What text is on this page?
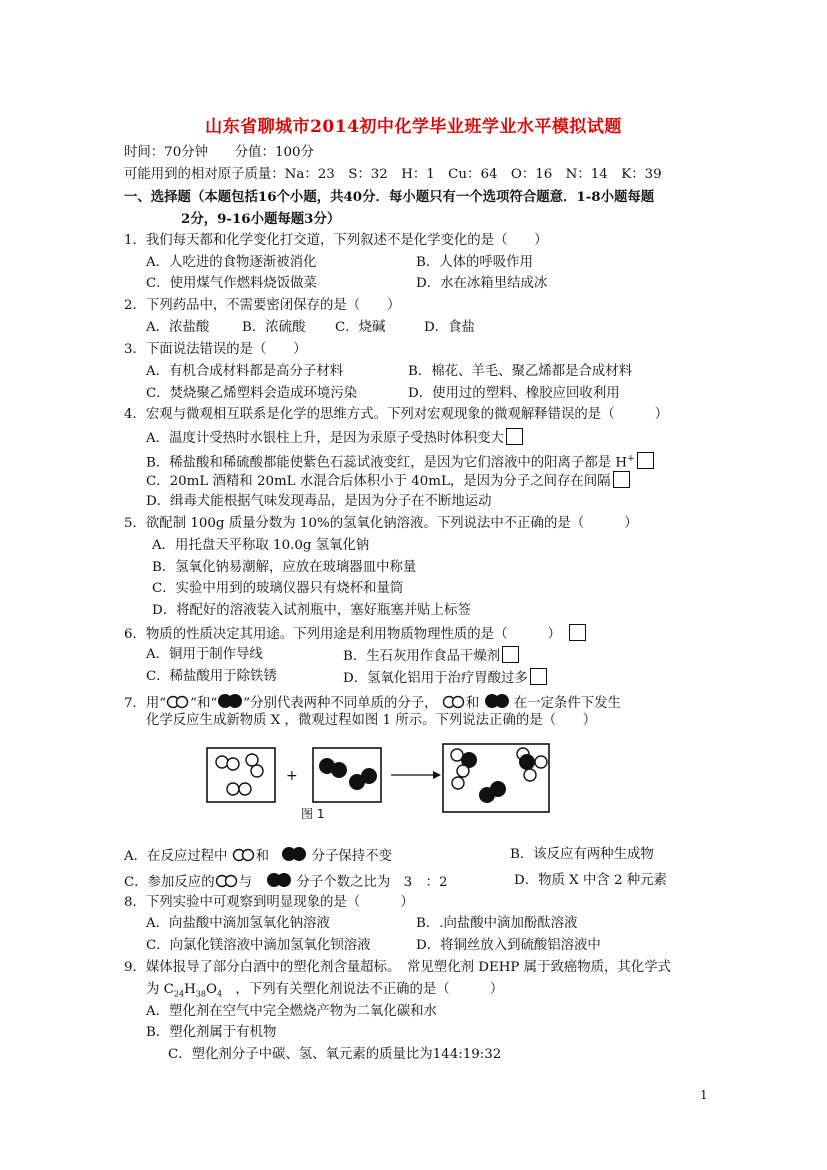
山东省聊城市2014初中化学毕业班学业水平模拟试题
时间：70分钟　　分值：100分
可能用到的相对原子质量：Na：23　S：32　H：1　Cu：64　O：16　N：14　K：39
一、选择题（本题包括16个小题，共40分．每小题只有一个选项符合题意．1-8小题每题
2分，9-16小题每题3分）
1．我们每天都和化学变化打交道，下列叙述不是化学变化的是（　　）
A．人吃进的食物逐渐被消化	B．人体的呼吸作用
C．使用煤气作燃料烧饭做菜	D．水在冰箱里结成冰
2．下列药品中，不需要密闭保存的是（　　）
A．浓盐酸 B．浓硫酸 C．烧碱	D．食盐
3．下面说法错误的是（　　）
A．有机合成材料都是高分子材料	B．棉花、羊毛、聚乙烯都是合成材料
C．焚烧聚乙烯塑料会造成环境污染	D．使用过的塑料、橡胶应回收利用
4．宏观与微观相互联系是化学的思维方式。下列对宏观现象的微观解释错误的是（　　　）
A．温度计受热时水银柱上升，是因为汞原子受热时体积变大
B．稀盐酸和稀硫酸都能使紫色石蕊试液变红，是因为它们溶液中的阳离子都是 H+
C．20mL 酒精和 20mL 水混合后体积小于 40mL，是因为分子之间存在间隔
D．缉毒犬能根据气味发现毒品，是因为分子在不断地运动
5．欲配制 100g 质量分数为 10%的氢氧化钠溶液。下列说法中不正确的是（　　　）
A．用托盘天平称取 10.0g 氢氧化钠
B．氢氧化钠易潮解，应放在玻璃器皿中称量
C．实验中用到的玻璃仪器只有烧杯和量筒
D．将配好的溶液装入试剂瓶中，塞好瓶塞并贴上标签
6．物质的性质决定其用途。下列用途是利用物质物理性质的是（　　　）
A．铜用于制作导线	B．生石灰用作食品干燥剂
C．稀盐酸用于除铁锈	D．氢氧化铝用于治疗胃酸过多
7．用“ ”和“ ”分别代表两种不同单质的分子， 和	在一定条件下发生
化学反应生成新物质 X ，微观过程如图 1 所示。下列说法正确的是（　　）
+
图 1
A．在反应过程中 和	分子保持不变	B．该反应有两种生成物
C．参加反应的 与	分子个数之比为　3　：2	D．物质 X 中含 2 种元素
8．下列实验中可观察到明显现象的是（　　　）
A．向盐酸中滴加氢氧化钠溶液	B．.向盐酸中滴加酚酞溶液
C．向氯化镁溶液中滴加氢氧化钡溶液	D．将铜丝放入到硫酸铝溶液中
9．媒体报导了部分白酒中的塑化剂含量超标。　常见塑化剂 DEHP 属于致癌物质，其化学式
为 $C_{24}H_{38}O_4$　，下列有关塑化剂说法不正确的是（　　　）
A．塑化剂在空气中完全燃烧产物为二氧化碳和水
B．塑化剂属于有机物
C．塑化剂分子中碳、氢、氧元素的质量比为144:19:32
1
